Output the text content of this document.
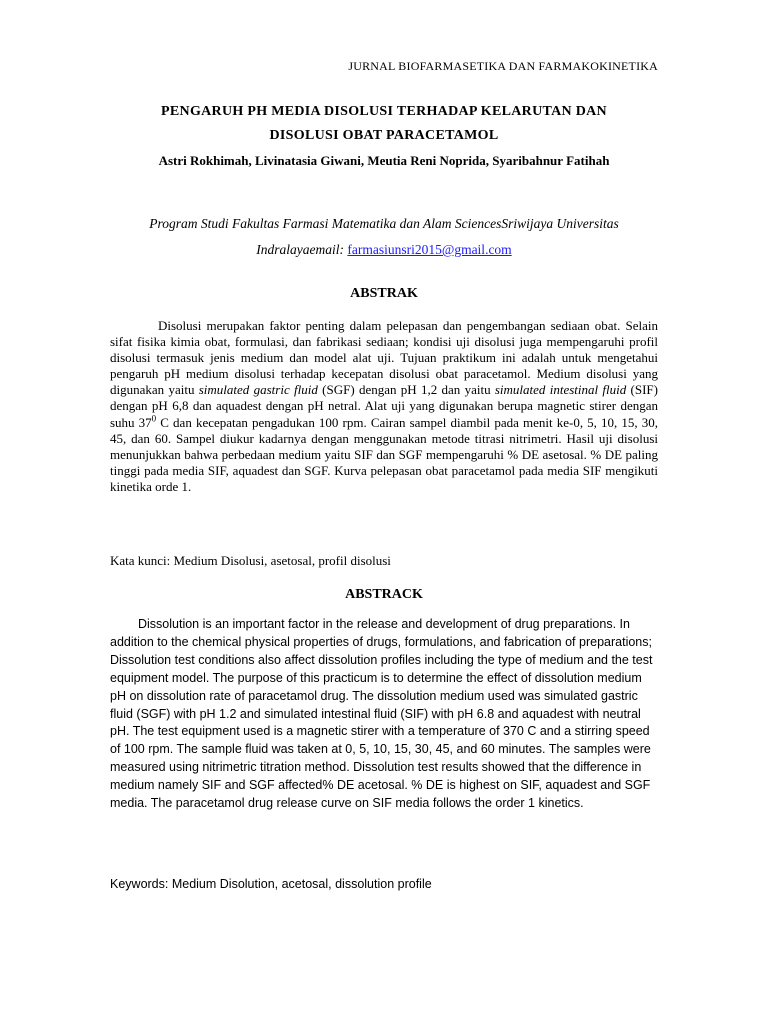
JURNAL BIOFARMASETIKA DAN FARMAKOKINETIKA
PENGARUH PH MEDIA DISOLUSI TERHADAP KELARUTAN DAN
DISOLUSI OBAT PARACETAMOL
Astri Rokhimah, Livinatasia Giwani, Meutia Reni Noprida, Syaribahnur Fatihah
Program Studi Fakultas Farmasi Matematika dan Alam SciencesSriwijaya Universitas
Indralayaemail: farmasiunsri2015@gmail.com
ABSTRAK

Disolusi merupakan faktor penting dalam pelepasan dan pengembangan sediaan obat. Selain sifat fisika kimia obat, formulasi, dan fabrikasi sediaan; kondisi uji disolusi juga mempengaruhi profil disolusi termasuk jenis medium dan model alat uji. Tujuan praktikum ini adalah untuk mengetahui pengaruh pH medium disolusi terhadap kecepatan disolusi obat paracetamol. Medium disolusi yang digunakan yaitu simulated gastric fluid (SGF) dengan pH 1,2 dan yaitu simulated intestinal fluid (SIF) dengan pH 6,8 dan aquadest dengan pH netral. Alat uji yang digunakan berupa magnetic stirer dengan suhu $37^0$ C dan kecepatan pengadukan 100 rpm. Cairan sampel diambil pada menit ke-0, 5, 10, 15, 30, 45, dan 60. Sampel diukur kadarnya dengan menggunakan metode titrasi nitrimetri. Hasil uji disolusi menunjukkan bahwa perbedaan medium yaitu SIF dan SGF mempengaruhi % DE asetosal. % DE paling tinggi pada media SIF, aquadest dan SGF. Kurva pelepasan obat paracetamol pada media SIF mengikuti kinetika orde 1.

Kata kunci: Medium Disolusi, asetosal, profil disolusi
ABSTRACK

Dissolution is an important factor in the release and development of drug preparations. In addition to the chemical physical properties of drugs, formulations, and fabrication of preparations; Dissolution test conditions also affect dissolution profiles including the type of medium and the test equipment model. The purpose of this practicum is to determine the effect of dissolution medium pH on dissolution rate of paracetamol drug. The dissolution medium used was simulated gastric fluid (SGF) with pH 1.2 and simulated intestinal fluid (SIF) with pH 6.8 and aquadest with neutral pH. The test equipment used is a magnetic stirer with a temperature of 370 C and a stirring speed of 100 rpm. The sample fluid was taken at 0, 5, 10, 15, 30, 45, and 60 minutes. The samples were measured using nitrimetric titration method. Dissolution test results showed that the difference in medium namely SIF and SGF affected% DE acetosal. % DE is highest on SIF, aquadest and SGF media. The paracetamol drug release curve on SIF media follows the order 1 kinetics.

Keywords: Medium Disolution, acetosal, dissolution profile
